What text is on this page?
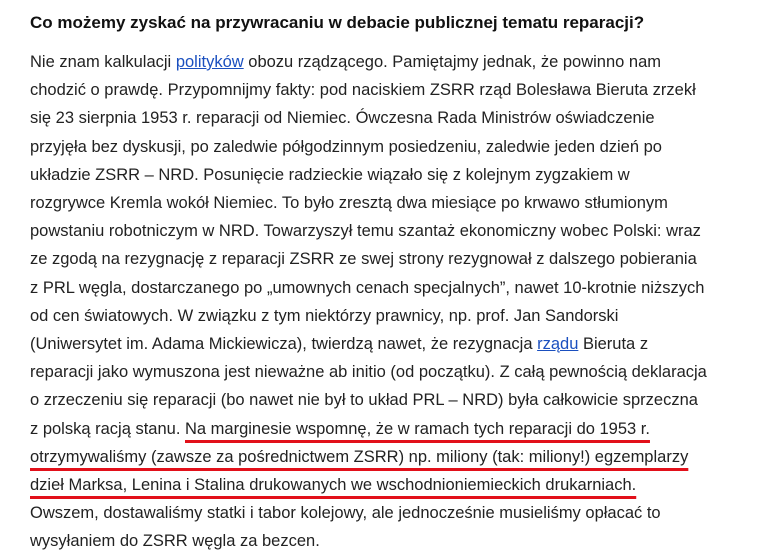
Co możemy zyskać na przywracaniu w debacie publicznej tematu reparacji?

Nie znam kalkulacji polityków obozu rządzącego. Pamiętajmy jednak, że powinno nam
chodzić o prawdę. Przypomnijmy fakty: pod naciskiem ZSRR rząd Bolesława Bieruta zrzekł
się 23 sierpnia 1953 r. reparacji od Niemiec. Ówczesna Rada Ministrów oświadczenie
przyjęła bez dyskusji, po zaledwie półgodzinnym posiedzeniu, zaledwie jeden dzień po
układzie ZSRR – NRD. Posunięcie radzieckie wiązało się z kolejnym zygzakiem w
rozgrywce Kremla wokół Niemiec. To było zresztą dwa miesiące po krwawo stłumionym
powstaniu robotniczym w NRD. Towarzyszył temu szantaż ekonomiczny wobec Polski: wraz
ze zgodą na rezygnację z reparacji ZSRR ze swej strony rezygnował z dalszego pobierania
z PRL węgla, dostarczanego po „umownych cenach specjalnych”, nawet 10-krotnie niższych
od cen światowych. W związku z tym niektórzy prawnicy, np. prof. Jan Sandorski
(Uniwersytet im. Adama Mickiewicza), twierdzą nawet, że rezygnacja rządu Bieruta z
reparacji jako wymuszona jest nieważne ab initio (od początku). Z całą pewnością deklaracja
o zrzeczeniu się reparacji (bo nawet nie był to układ PRL – NRD) była całkowicie sprzeczna
z polską racją stanu. Na marginesie wspomnę, że w ramach tych reparacji do 1953 r.
otrzymywaliśmy (zawsze za pośrednictwem ZSRR) np. miliony (tak: miliony!) egzemplarzy
dzieł Marksa, Lenina i Stalina drukowanych we wschodnioniemieckich drukarniach.
Owszem, dostawaliśmy statki i tabor kolejowy, ale jednocześnie musieliśmy opłacać to
wysyłaniem do ZSRR węgla za bezcen.
